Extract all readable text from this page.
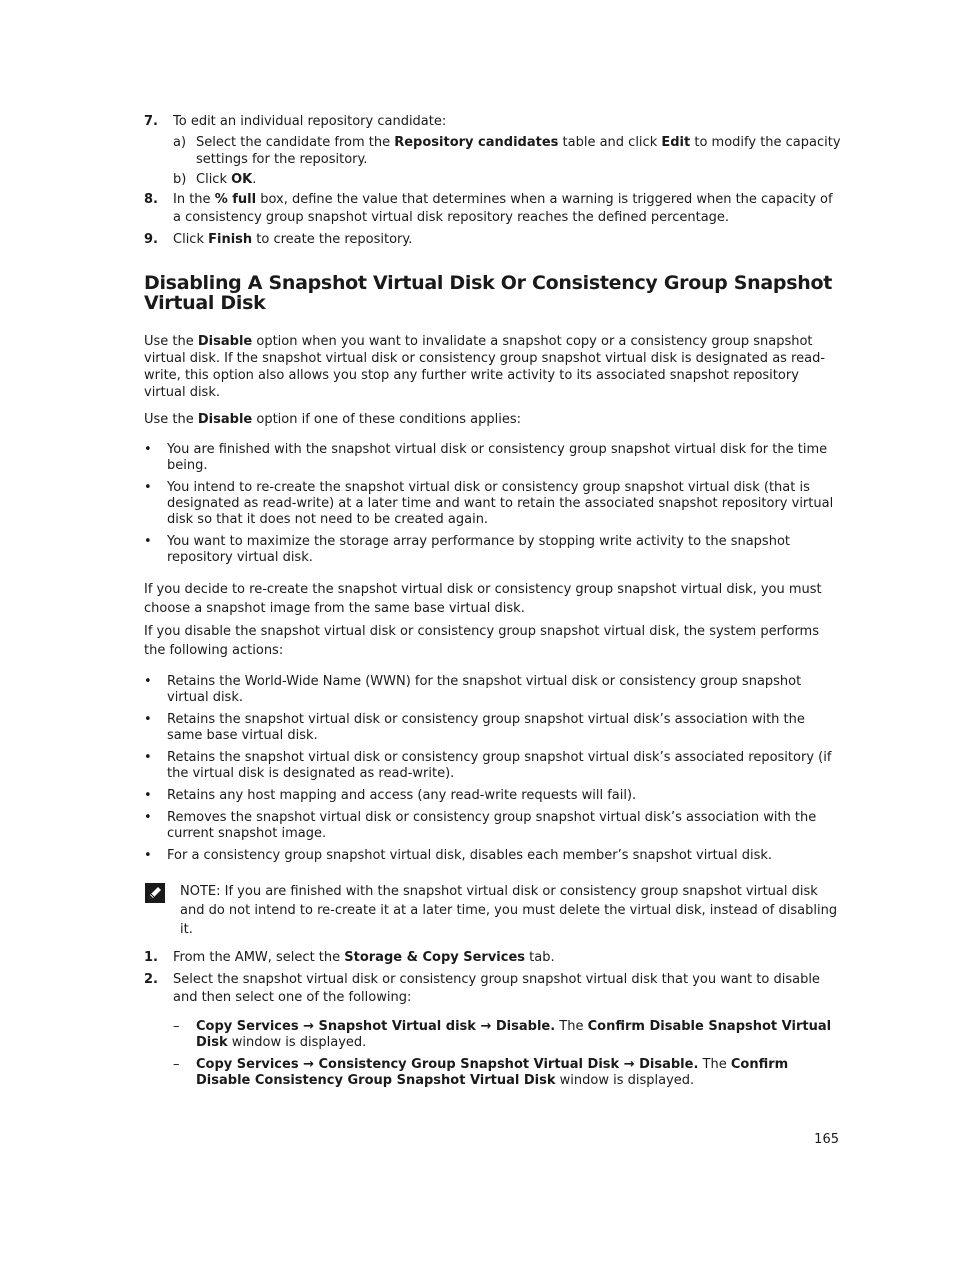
7.	To edit an individual repository candidate:
a) Select the candidate from the Repository candidates table and click Edit to modify the capacity settings for the repository.
b) Click OK.
8.	In the % full box, define the value that determines when a warning is triggered when the capacity of a consistency group snapshot virtual disk repository reaches the defined percentage.
9.	Click Finish to create the repository.
Disabling A Snapshot Virtual Disk Or Consistency Group Snapshot Virtual Disk

Use the Disable option when you want to invalidate a snapshot copy or a consistency group snapshot virtual disk. If the snapshot virtual disk or consistency group snapshot virtual disk is designated as read-write, this option also allows you stop any further write activity to its associated snapshot repository virtual disk.

Use the Disable option if one of these conditions applies:

•	You are finished with the snapshot virtual disk or consistency group snapshot virtual disk for the time being.
•	You intend to re-create the snapshot virtual disk or consistency group snapshot virtual disk (that is designated as read-write) at a later time and want to retain the associated snapshot repository virtual disk so that it does not need to be created again.
•	You want to maximize the storage array performance by stopping write activity to the snapshot repository virtual disk.

If you decide to re-create the snapshot virtual disk or consistency group snapshot virtual disk, you must choose a snapshot image from the same base virtual disk.

If you disable the snapshot virtual disk or consistency group snapshot virtual disk, the system performs the following actions:

•	Retains the World-Wide Name (WWN) for the snapshot virtual disk or consistency group snapshot virtual disk.
•	Retains the snapshot virtual disk or consistency group snapshot virtual disk’s association with the same base virtual disk.
•	Retains the snapshot virtual disk or consistency group snapshot virtual disk’s associated repository (if the virtual disk is designated as read-write).
•	Retains any host mapping and access (any read-write requests will fail).
•	Removes the snapshot virtual disk or consistency group snapshot virtual disk’s association with the current snapshot image.
•	For a consistency group snapshot virtual disk, disables each member’s snapshot virtual disk.
NOTE: If you are finished with the snapshot virtual disk or consistency group snapshot virtual disk and do not intend to re-create it at a later time, you must delete the virtual disk, instead of disabling it.
1.	From the AMW, select the Storage & Copy Services tab.
2.	Select the snapshot virtual disk or consistency group snapshot virtual disk that you want to disable and then select one of the following:
–	Copy Services → Snapshot Virtual disk → Disable. The Confirm Disable Snapshot Virtual Disk window is displayed.
–	Copy Services → Consistency Group Snapshot Virtual Disk → Disable. The Confirm Disable Consistency Group Snapshot Virtual Disk window is displayed.
165
